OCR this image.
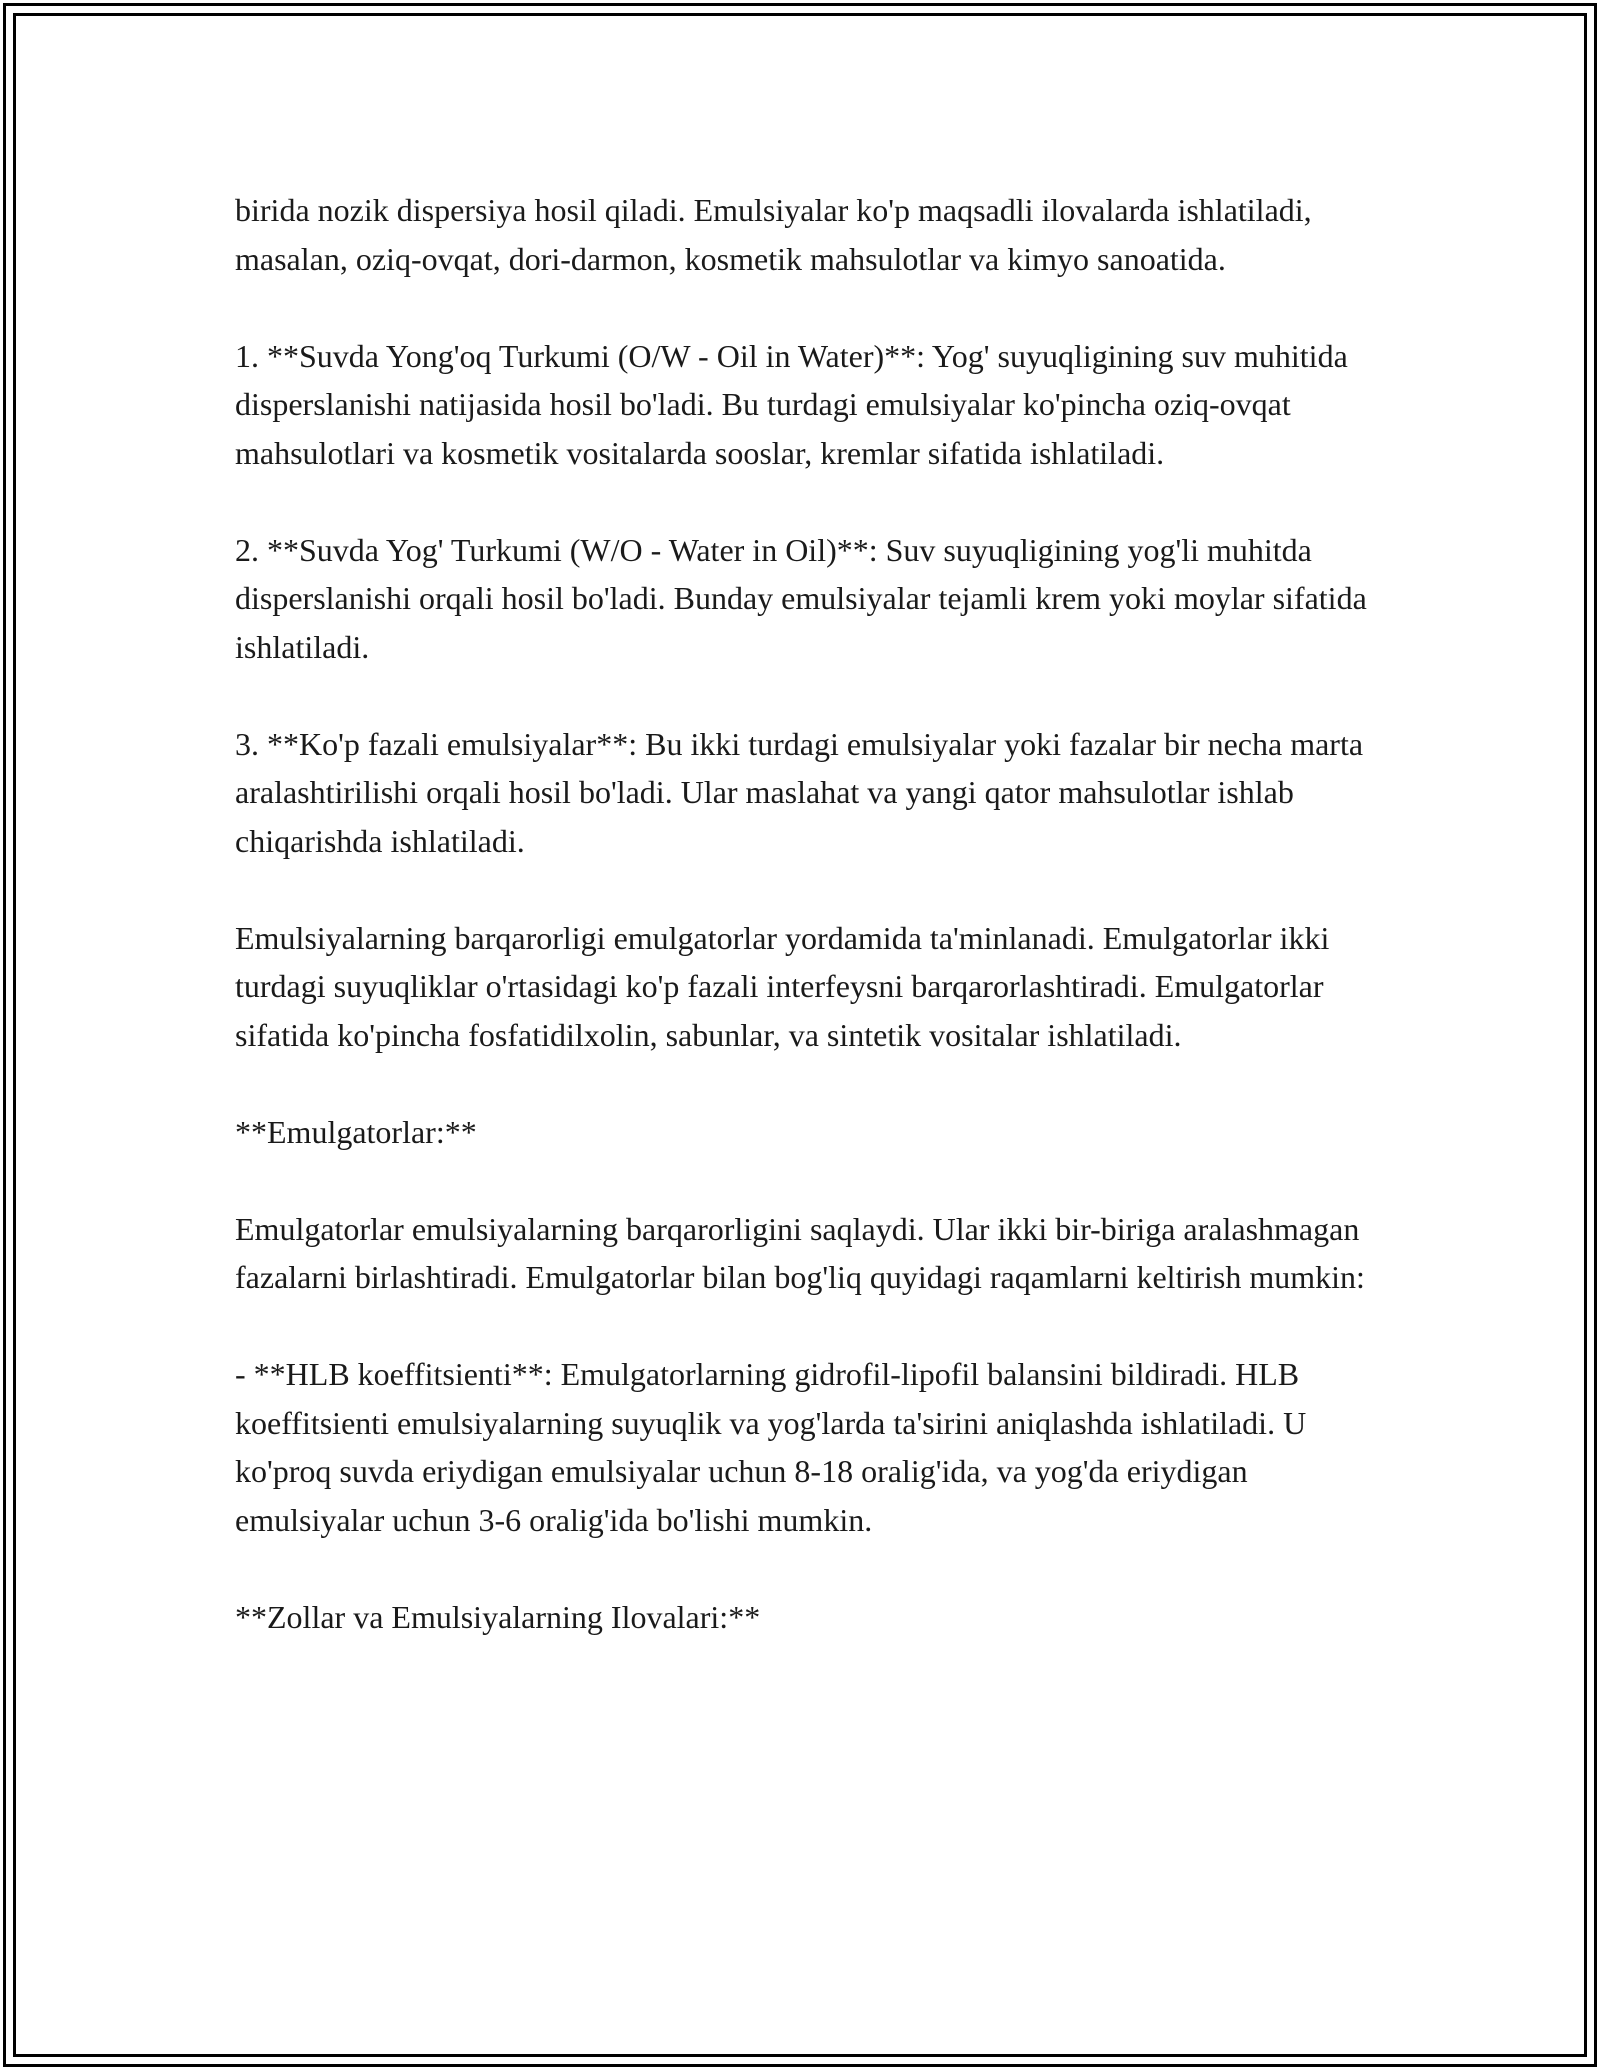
birida nozik dispersiya hosil qiladi. Emulsiyalar ko'p maqsadli ilovalarda ishlatiladi, masalan, oziq-ovqat, dori-darmon, kosmetik mahsulotlar va kimyo sanoatida.

1. **Suvda Yong'oq Turkumi (O/W - Oil in Water)**: Yog' suyuqligining suv muhitida disperslanishi natijasida hosil bo'ladi. Bu turdagi emulsiyalar ko'pincha oziq-ovqat mahsulotlari va kosmetik vositalarda sooslar, kremlar sifatida ishlatiladi.

2. **Suvda Yog' Turkumi (W/O - Water in Oil)**: Suv suyuqligining yog'li muhitda disperslanishi orqali hosil bo'ladi. Bunday emulsiyalar tejamli krem yoki moylar sifatida ishlatiladi.

3. **Ko'p fazali emulsiyalar**: Bu ikki turdagi emulsiyalar yoki fazalar bir necha marta aralashtirilishi orqali hosil bo'ladi. Ular maslahat va yangi qator mahsulotlar ishlab chiqarishda ishlatiladi.

Emulsiyalarning barqarorligi emulgatorlar yordamida ta'minlanadi. Emulgatorlar ikki turdagi suyuqliklar o'rtasidagi ko'p fazali interfeysni barqarorlashtiradi. Emulgatorlar sifatida ko'pincha fosfatidilxolin, sabunlar, va sintetik vositalar ishlatiladi.

**Emulgatorlar:**

Emulgatorlar emulsiyalarning barqarorligini saqlaydi. Ular ikki bir-biriga aralashmagan fazalarni birlashtiradi. Emulgatorlar bilan bog'liq quyidagi raqamlarni keltirish mumkin:

- **HLB koeffitsienti**: Emulgatorlarning gidrofil-lipofil balansini bildiradi. HLB koeffitsienti emulsiyalarning suyuqlik va yog'larda ta'sirini aniqlashda ishlatiladi. U ko'proq suvda eriydigan emulsiyalar uchun 8-18 oralig'ida, va yog'da eriydigan emulsiyalar uchun 3-6 oralig'ida bo'lishi mumkin.

**Zollar va Emulsiyalarning Ilovalari:**
